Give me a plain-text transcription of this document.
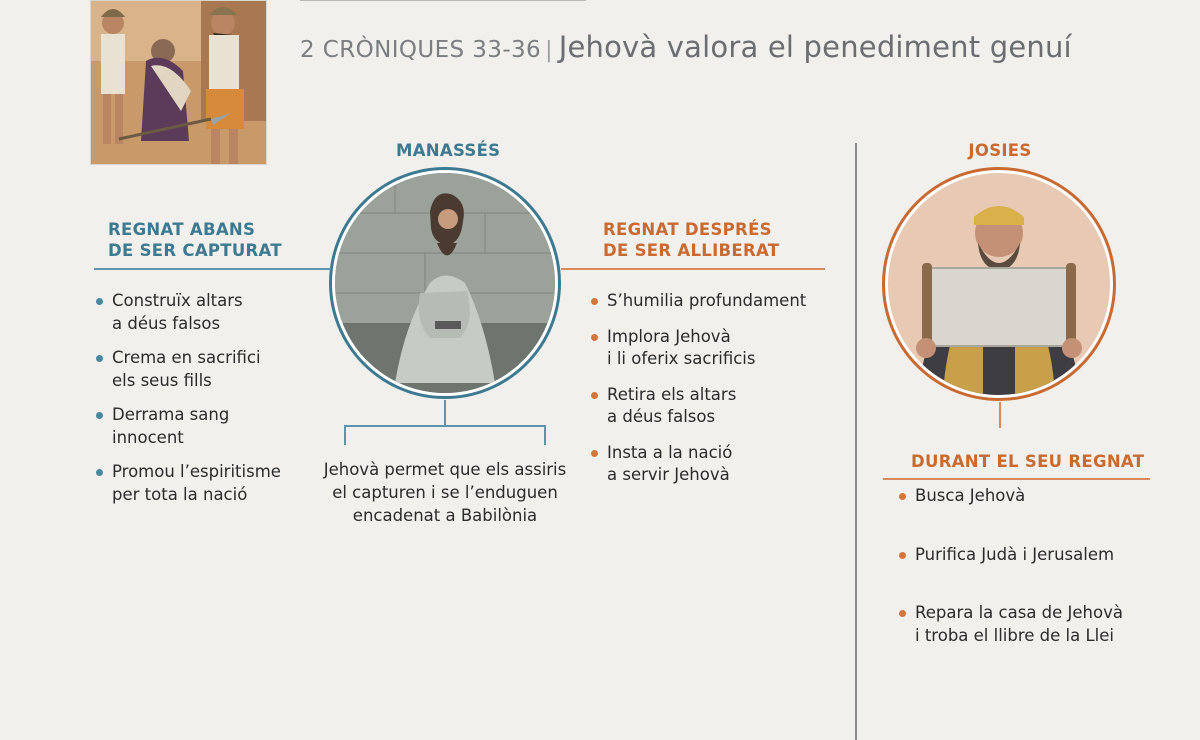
2 CRÒNIQUES 33-36 | Jehovà valora el penediment genuí
MANASSÉS
REGNAT ABANS
DE SER CAPTURAT
Construïx altars
a déus falsos
Crema en sacrifici
els seus fills
Derrama sang
innocent
Promou l’espiritisme
per tota la nació
REGNAT DESPRÉS
DE SER ALLIBERAT
S’humilia profundament
Implora Jehovà
i li oferix sacrificis
Retira els altars
a déus falsos
Insta a la nació
a servir Jehovà
Jehovà permet que els assiris
el capturen i se l’enduguen
encadenat a Babilònia
JOSIES
DURANT EL SEU REGNAT
Busca Jehovà
Purifica Judà i Jerusalem
Repara la casa de Jehovà
i troba el llibre de la Llei
